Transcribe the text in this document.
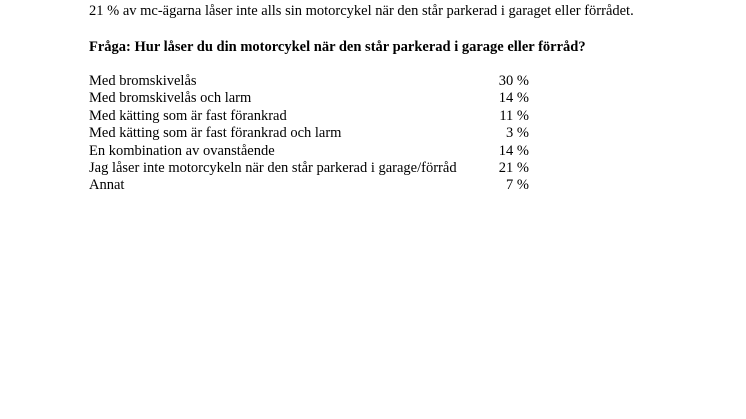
21 % av mc-ägarna låser inte alls sin motorcykel när den står parkerad i garaget eller förrådet.

Fråga: Hur låser du din motorcykel när den står parkerad i garage eller förråd?

Med bromskivelås	30 %
Med bromskivelås och larm	14 %
Med kätting som är fast förankrad	11 %
Med kätting som är fast förankrad och larm	3 %
En kombination av ovanstående	14 %
Jag låser inte motorcykeln när den står parkerad i garage/förråd	21 %
Annat	7 %
